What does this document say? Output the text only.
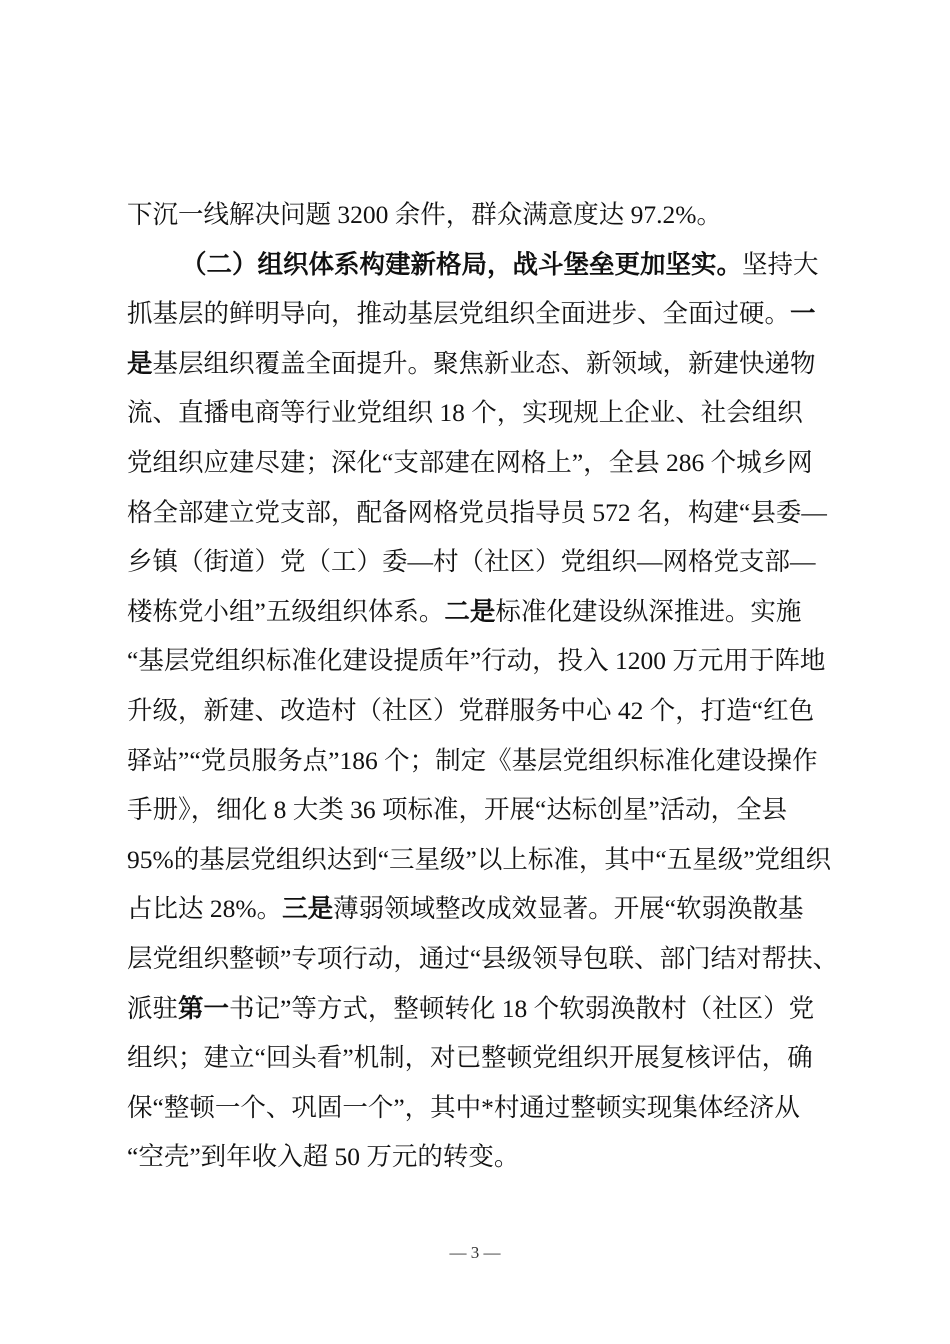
下沉一线解决问题 3200 余件，群众满意度达 97.2%。
（二）组织体系构建新格局，战斗堡垒更加坚实。坚持大
抓基层的鲜明导向，推动基层党组织全面进步、全面过硬。一
是基层组织覆盖全面提升。聚焦新业态、新领域，新建快递物
流、直播电商等行业党组织 18 个，实现规上企业、社会组织
党组织应建尽建；深化“支部建在网格上”，全县 286 个城乡网
格全部建立党支部，配备网格党员指导员 572 名，构建“县委—
乡镇（街道）党（工）委—村（社区）党组织—网格党支部—
楼栋党小组”五级组织体系。二是标准化建设纵深推进。实施
“基层党组织标准化建设提质年”行动，投入 1200 万元用于阵地
升级，新建、改造村（社区）党群服务中心 42 个，打造“红色
驿站”“党员服务点”186 个；制定《基层党组织标准化建设操作
手册》，细化 8 大类 36 项标准，开展“达标创星”活动，全县
95%的基层党组织达到“三星级”以上标准，其中“五星级”党组织
占比达 28%。三是薄弱领域整改成效显著。开展“软弱涣散基
层党组织整顿”专项行动，通过“县级领导包联、部门结对帮扶、
派驻第一书记”等方式，整顿转化 18 个软弱涣散村（社区）党
组织；建立“回头看”机制，对已整顿党组织开展复核评估，确
保“整顿一个、巩固一个”，其中*村通过整顿实现集体经济从
“空壳”到年收入超 50 万元的转变。
— 3 —
